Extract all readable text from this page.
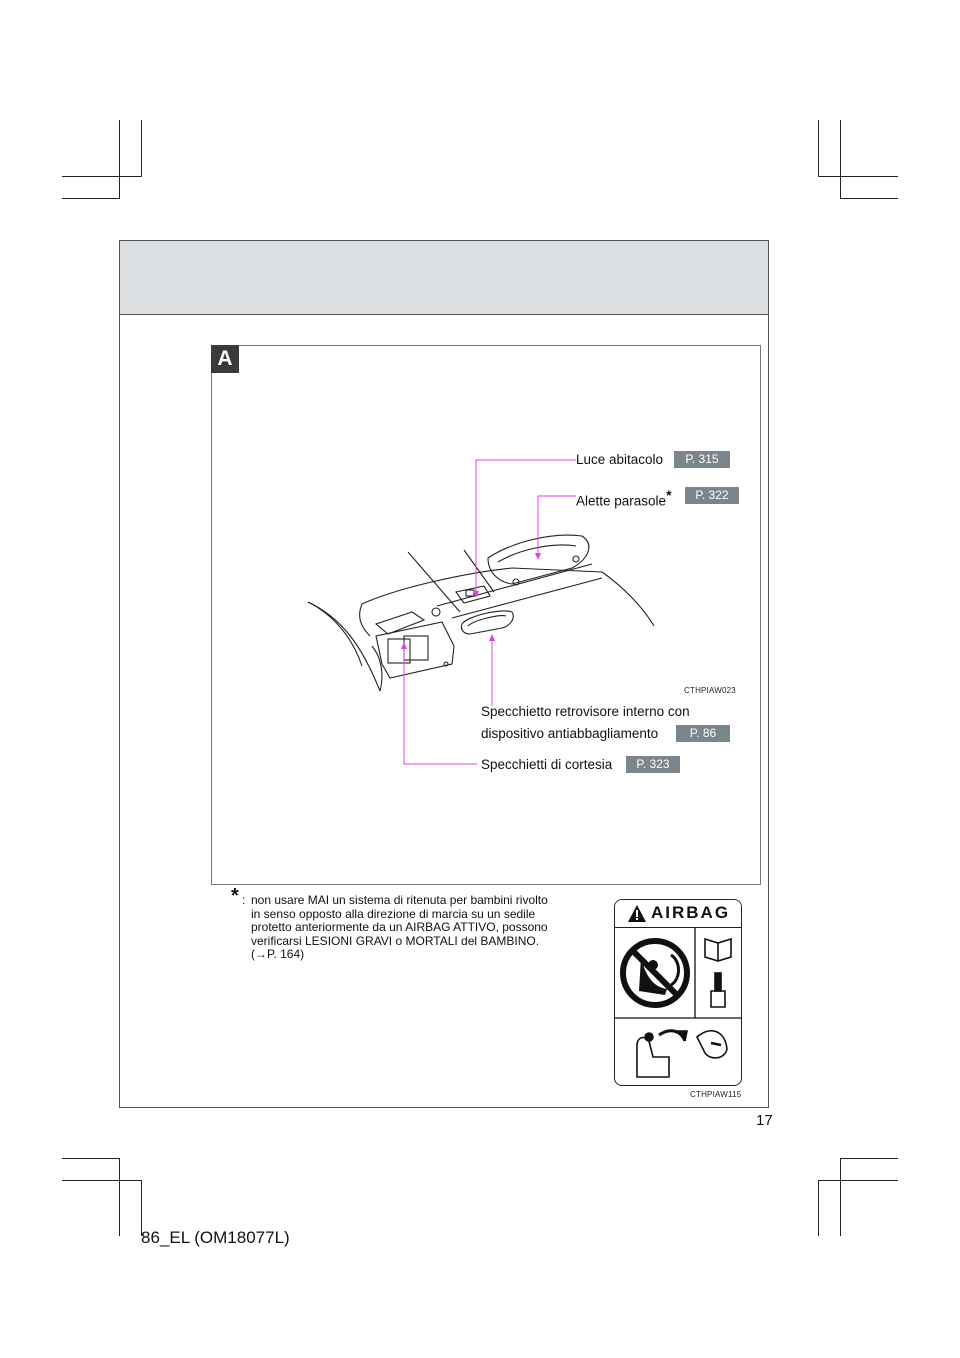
A
Luce abitacolo	P. 315
Alette parasole*	P. 322
CTHPIAW023
Specchietto retrovisore interno con
dispositivo antiabbagliamento	P. 86
Specchietti di cortesia	P. 323
* : non usare MAI un sistema di ritenuta per bambini rivolto
in senso opposto alla direzione di marcia su un sedile
protetto anteriormente da un AIRBAG ATTIVO, possono
verificarsi LESIONI GRAVI o MORTALI del BAMBINO.
(→P. 164)
AIRBAG
CTHPIAW115
17
86_EL (OM18077L)
